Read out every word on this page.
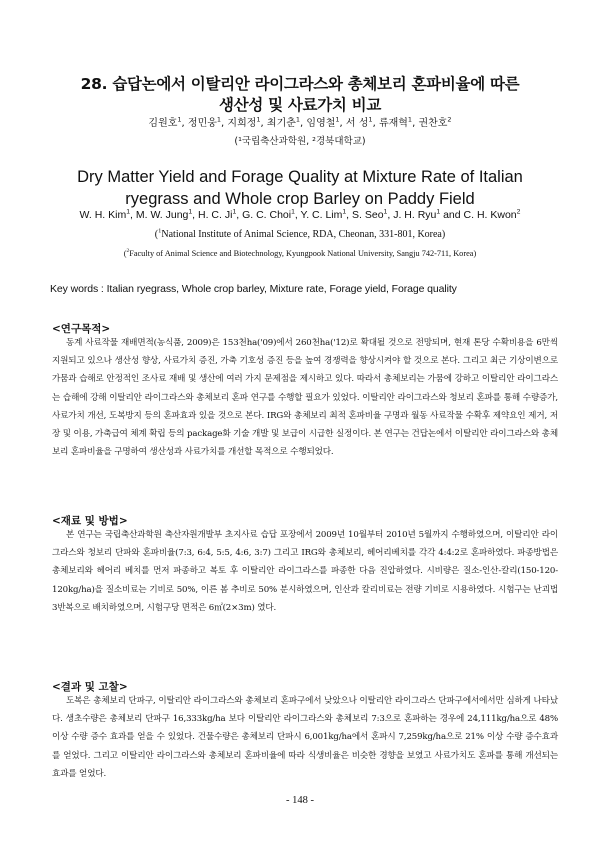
28. 습답논에서 이탈리안 라이그라스와 총체보리 혼파비율에 따른
생산성 및 사료가치 비교
김원호$^1$, 정민웅$^1$, 지희정$^1$, 최기춘$^1$, 임영철$^1$, 서 성$^1$, 류재혁$^1$, 권찬호$^2$
(¹국립축산과학원, ²경북대학교)
Dry Matter Yield and Forage Quality at Mixture Rate of Italian
ryegrass and Whole crop Barley on Paddy Field
W. H. Kim$^1$, M. W. Jung$^1$, H. C. Ji$^1$, G. C. Choi$^1$, Y. C. Lim$^1$, S. Seo$^1$, J. H. Ryu$^1$ and C. H. Kwon$^2$
($^1$National Institute of Animal Science, RDA, Cheonan, 331-801, Korea)
($^2$Faculty of Animal Science and Biotechnology, Kyungpook National University, Sangju 742-711, Korea)
Key words : Italian ryegrass, Whole crop barley, Mixture rate, Forage yield, Forage quality
<연구목적>

동계 사료작물 재배면적(농식품, 2009)은 153천ha('09)에서 260천ha('12)로 확대될 것으로 전망되며, 현재 톤당 수확비용을 6만씩 지원되고 있으나 생산성 향상, 사료가치 증진, 가축 기호성 증진 등을 높여 경쟁력을 향상시켜야 할 것으로 본다. 그리고 최근 기상이변으로 가뭄과 습해로 안정적인 조사료 재배 및 생산에 여러 가지 문제점을 제시하고 있다. 따라서 총체보리는 가뭄에 강하고 이탈리안 라이그라스는 습해에 강해 이탈리안 라이그라스와 총체보리 혼파 연구를 수행할 필요가 있었다. 이탈리안 라이그라스와 청보리 혼파를 통해 수량증가, 사료가치 개선, 도복방지 등의 혼파효과 있을 것으로 본다. IRG와 총체보리 최적 혼파비율 구명과 월동 사료작물 수확후 제약요인 제거, 저장 및 이용, 가축급여 체계 확립 등의 package화 기술 개발 및 보급이 시급한 실정이다. 본 연구는 건답논에서 이탈리안 라이그라스와 총체보리 혼파비율을 구명하여 생산성과 사료가치를 개선할 목적으로 수행되었다.

<재료 및 방법>

본 연구는 국립축산과학원 축산자원개발부 초지사료 습답 포장에서 2009년 10월부터 2010년 5월까지 수행하였으며, 이탈리안 라이그라스와 청보리 단파와 혼파비율(7:3, 6:4, 5:5, 4:6, 3:7) 그리고 IRG와 총체보리, 헤어리베치를 각각 4:4:2로 혼파하였다. 파종방법은 총체보리와 헤어리 베치를 먼저 파종하고 복토 후 이탈리안 라이그라스를 파종한 다음 진압하였다. 시비량은 질소-인산-칼리(150-120-120kg/ha)을 질소비료는 기비로 50%, 이른 봄 추비로 50% 분시하였으며, 인산과 칼리비료는 전량 기비로 시용하였다. 시험구는 난괴법 3반복으로 배치하였으며, 시험구당 면적은 6㎡(2×3m) 였다.

<결과 및 고찰>

도복은 총체보리 단파구, 이탈리안 라이그라스와 총체보리 혼파구에서 낮았으나 이탈리안 라이그라스 단파구에서에서만 심하게 나타났다. 생초수량은 총체보리 단파구 16,333kg/ha 보다 이탈리안 라이그라스와 총체보리 7:3으로 혼파하는 경우에 24,111kg/ha으로 48% 이상 수량 증수 효과를 얻을 수 있었다. 건물수량은 총체보리 단파시 6,001kg/ha에서 혼파시 7,259kg/ha으로 21% 이상 수량 증수효과를 얻었다. 그리고 이탈리안 라이그라스와 총체보리 혼파비율에 따라 식생비율은 비슷한 경향을 보였고 사료가치도 혼파를 통해 개선되는 효과를 얻었다.

- 148 -
